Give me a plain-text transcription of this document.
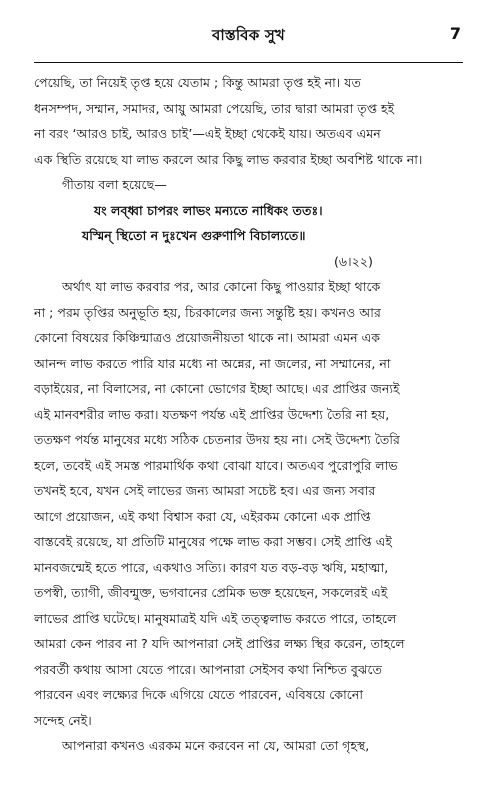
বাস্তবিক সুখ	7
পেয়েছি, তা নিয়েই তৃপ্ত হয়ে যেতাম ; কিন্তু আমরা তৃপ্ত হই না। যত
ধনসম্পদ, সম্মান, সমাদর, আয়ু আমরা পেয়েছি, তার দ্বারা আমরা তৃপ্ত হই
না বরং ‘আরও চাই, আরও চাই’—এই ইচ্ছা থেকেই যায়। অতএব এমন
এক স্থিতি রয়েছে যা লাভ করলে আর কিছু লাভ করবার ইচ্ছা অবশিষ্ট থাকে না।
গীতায় বলা হয়েছে—
যং লব্ধ্বা চাপরং লাভং মন্যতে নাধিকং ততঃ।
যস্মিন্ স্থিতো ন দুঃখেন গুরুণাপি বিচাল্যতে॥
(৬।২২)
অর্থাৎ যা লাভ করবার পর, আর কোনো কিছু পাওয়ার ইচ্ছা থাকে
না ; পরম তৃপ্তির অনুভূতি হয়, চিরকালের জন্য সন্তুষ্টি হয়। কখনও আর
কোনো বিষয়ের কিঞ্চিন্মাত্রও প্রয়োজনীয়তা থাকে না। আমরা এমন এক
আনন্দ লাভ করতে পারি যার মধ্যে না অন্নের, না জলের, না সম্মানের, না
বড়াইয়ের, না বিলাসের, না কোনো ভোগের ইচ্ছা আছে। এর প্রাপ্তির জন্যই
এই মানবশরীর লাভ করা। যতক্ষণ পর্যন্ত এই প্রাপ্তির উদ্দেশ্য তৈরি না হয়,
ততক্ষণ পর্যন্ত মানুষের মধ্যে সঠিক চেতনার উদয় হয় না। সেই উদ্দেশ্য তৈরি
হলে, তবেই এই সমস্ত পারমার্থিক কথা বোঝা যাবে। অতএব পুরোপুরি লাভ
তখনই হবে, যখন সেই লাভের জন্য আমরা সচেষ্ট হব। এর জন্য সবার
আগে প্রয়োজন, এই কথা বিশ্বাস করা যে, এইরকম কোনো এক প্রাপ্তি
বাস্তবেই রয়েছে, যা প্রতিটি মানুষের পক্ষে লাভ করা সম্ভব। সেই প্রাপ্তি এই
মানবজন্মেই হতে পারে, একথাও সত্যি। কারণ যত বড়-বড় ঋষি, মহাত্মা,
তপস্বী, ত্যাগী, জীবন্মুক্ত, ভগবানের প্রেমিক ভক্ত হয়েছেন, সকলেরই এই
লাভের প্রাপ্তি ঘটেছে। মানুষমাত্রই যদি এই তত্ত্বলাভ করতে পারে, তাহলে
আমরা কেন পারব না ? যদি আপনারা সেই প্রাপ্তির লক্ষ্য স্থির করেন, তাহলে
পরবর্তী কথায় আসা যেতে পারে। আপনারা সেইসব কথা নিশ্চিত বুঝতে
পারবেন এবং লক্ষ্যের দিকে এগিয়ে যেতে পারবেন, এবিষয়ে কোনো
সন্দেহ নেই।
আপনারা কখনও এরকম মনে করবেন না যে, আমরা তো গৃহস্থ,
